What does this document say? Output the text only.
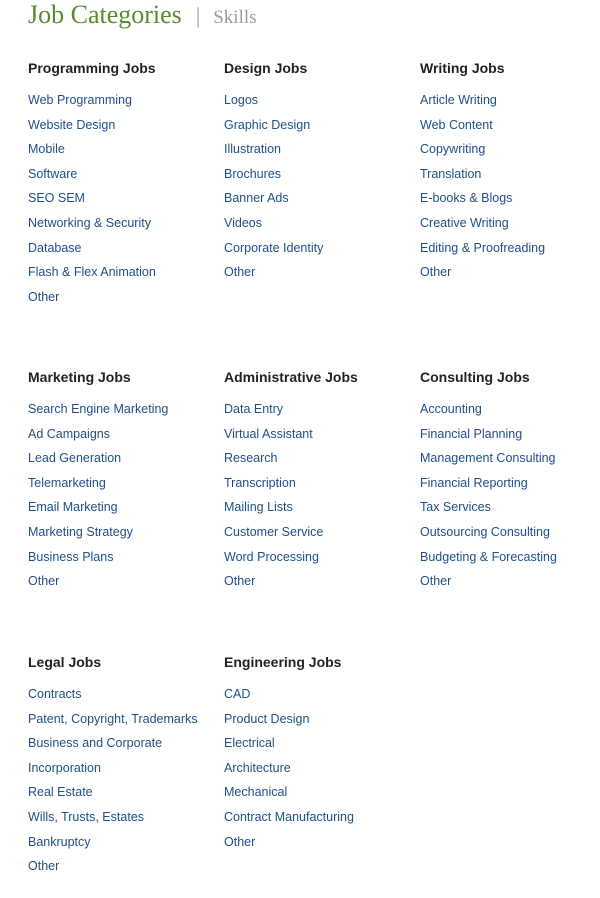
Job Categories | Skills
Programming Jobs
Web Programming
Website Design
Mobile
Software
SEO SEM
Networking & Security
Database
Flash & Flex Animation
Other
Design Jobs
Logos
Graphic Design
Illustration
Brochures
Banner Ads
Videos
Corporate Identity
Other
Writing Jobs
Article Writing
Web Content
Copywriting
Translation
E-books & Blogs
Creative Writing
Editing & Proofreading
Other
Marketing Jobs
Search Engine Marketing
Ad Campaigns
Lead Generation
Telemarketing
Email Marketing
Marketing Strategy
Business Plans
Other
Administrative Jobs
Data Entry
Virtual Assistant
Research
Transcription
Mailing Lists
Customer Service
Word Processing
Other
Consulting Jobs
Accounting
Financial Planning
Management Consulting
Financial Reporting
Tax Services
Outsourcing Consulting
Budgeting & Forecasting
Other
Legal Jobs
Contracts
Patent, Copyright, Trademarks
Business and Corporate
Incorporation
Real Estate
Wills, Trusts, Estates
Bankruptcy
Other
Engineering Jobs
CAD
Product Design
Electrical
Architecture
Mechanical
Contract Manufacturing
Other
